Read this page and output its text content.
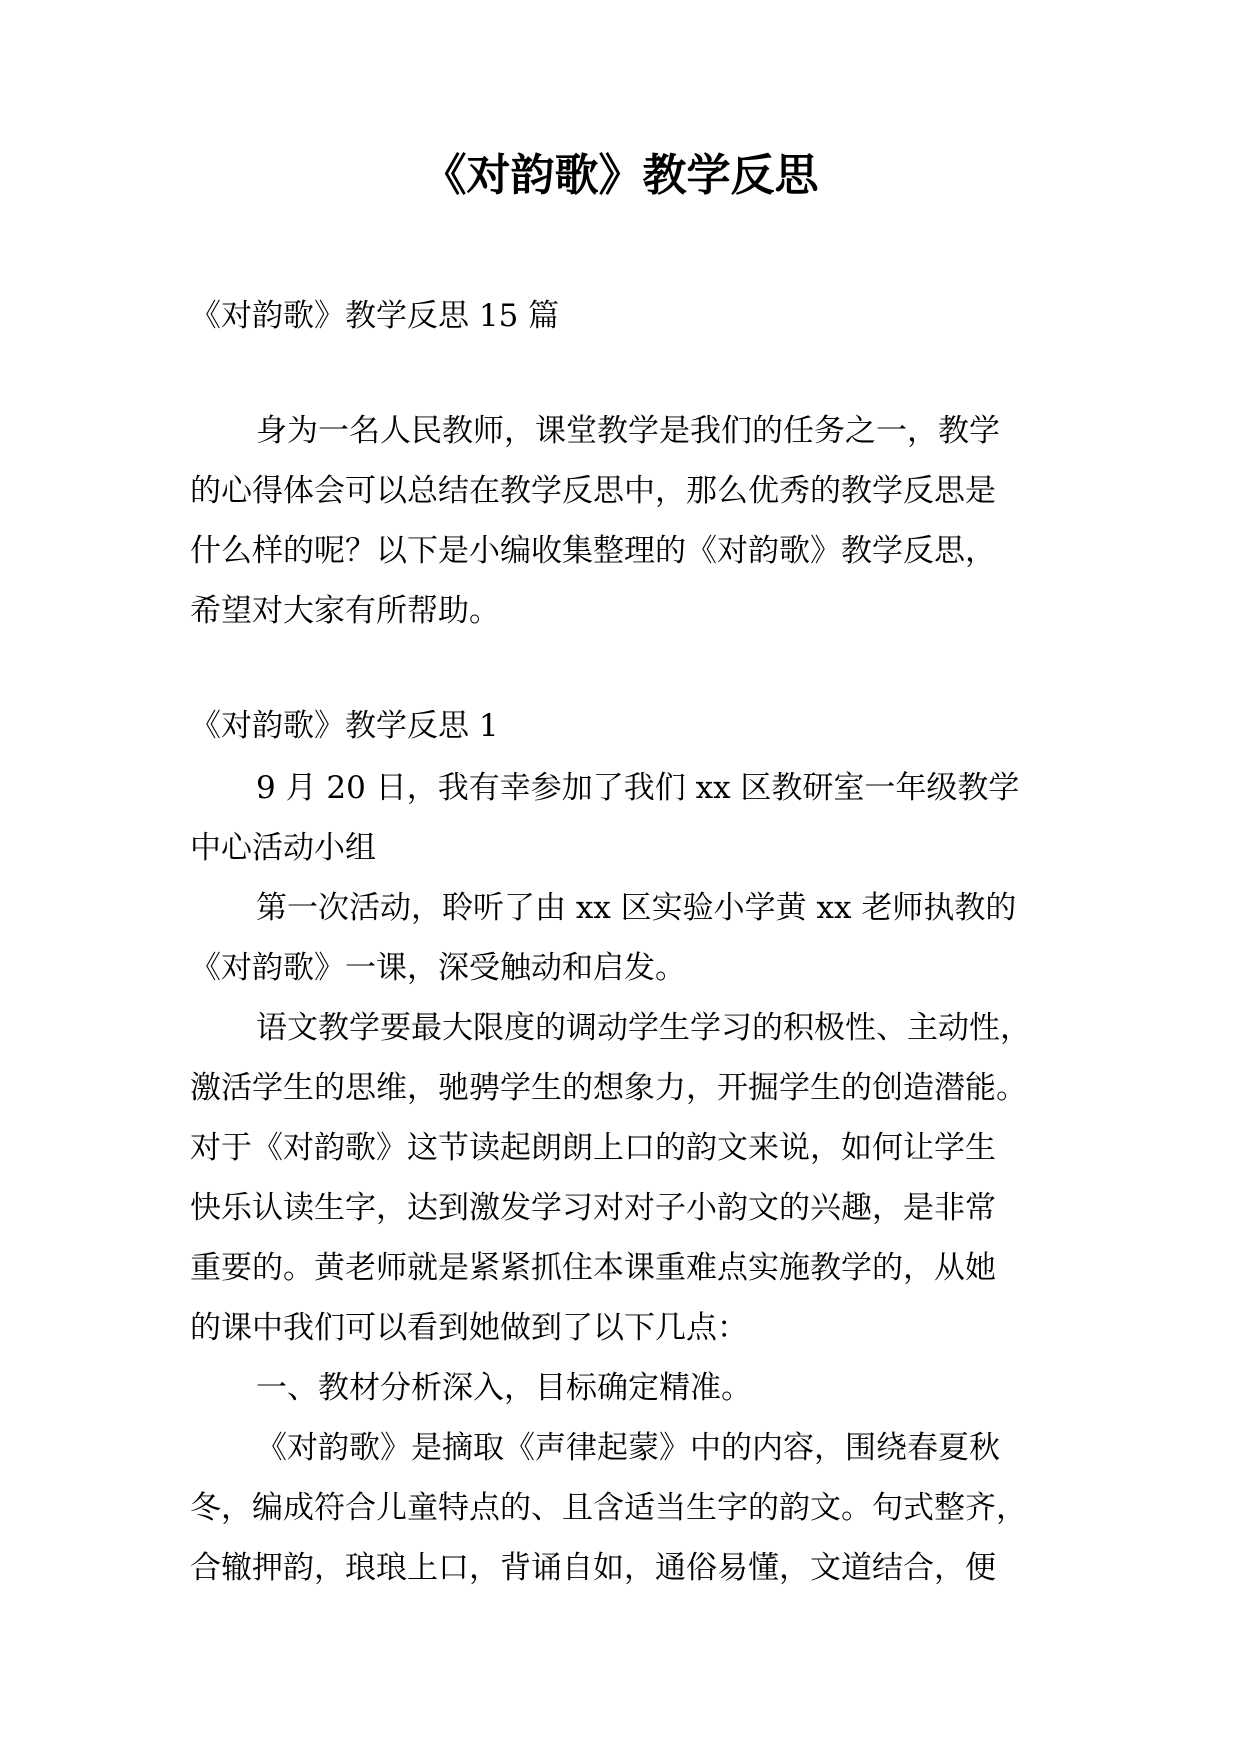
《对韵歌》教学反思

《对韵歌》教学反思 15 篇

身为一名人民教师，课堂教学是我们的任务之一，教学

的心得体会可以总结在教学反思中，那么优秀的教学反思是

什么样的呢？以下是小编收集整理的《对韵歌》教学反思，

希望对大家有所帮助。

《对韵歌》教学反思 1

9 月 20 日，我有幸参加了我们 xx 区教研室一年级教学

中心活动小组

第一次活动，聆听了由 xx 区实验小学黄 xx 老师执教的

《对韵歌》一课，深受触动和启发。

语文教学要最大限度的调动学生学习的积极性、主动性，

激活学生的思维，驰骋学生的想象力，开掘学生的创造潜能。

对于《对韵歌》这节读起朗朗上口的韵文来说，如何让学生

快乐认读生字，达到激发学习对对子小韵文的兴趣，是非常

重要的。黄老师就是紧紧抓住本课重难点实施教学的，从她

的课中我们可以看到她做到了以下几点：

一、教材分析深入，目标确定精准。

《对韵歌》是摘取《声律起蒙》中的内容，围绕春夏秋

冬，编成符合儿童特点的、且含适当生字的韵文。句式整齐，

合辙押韵，琅琅上口，背诵自如，通俗易懂，文道结合，便
